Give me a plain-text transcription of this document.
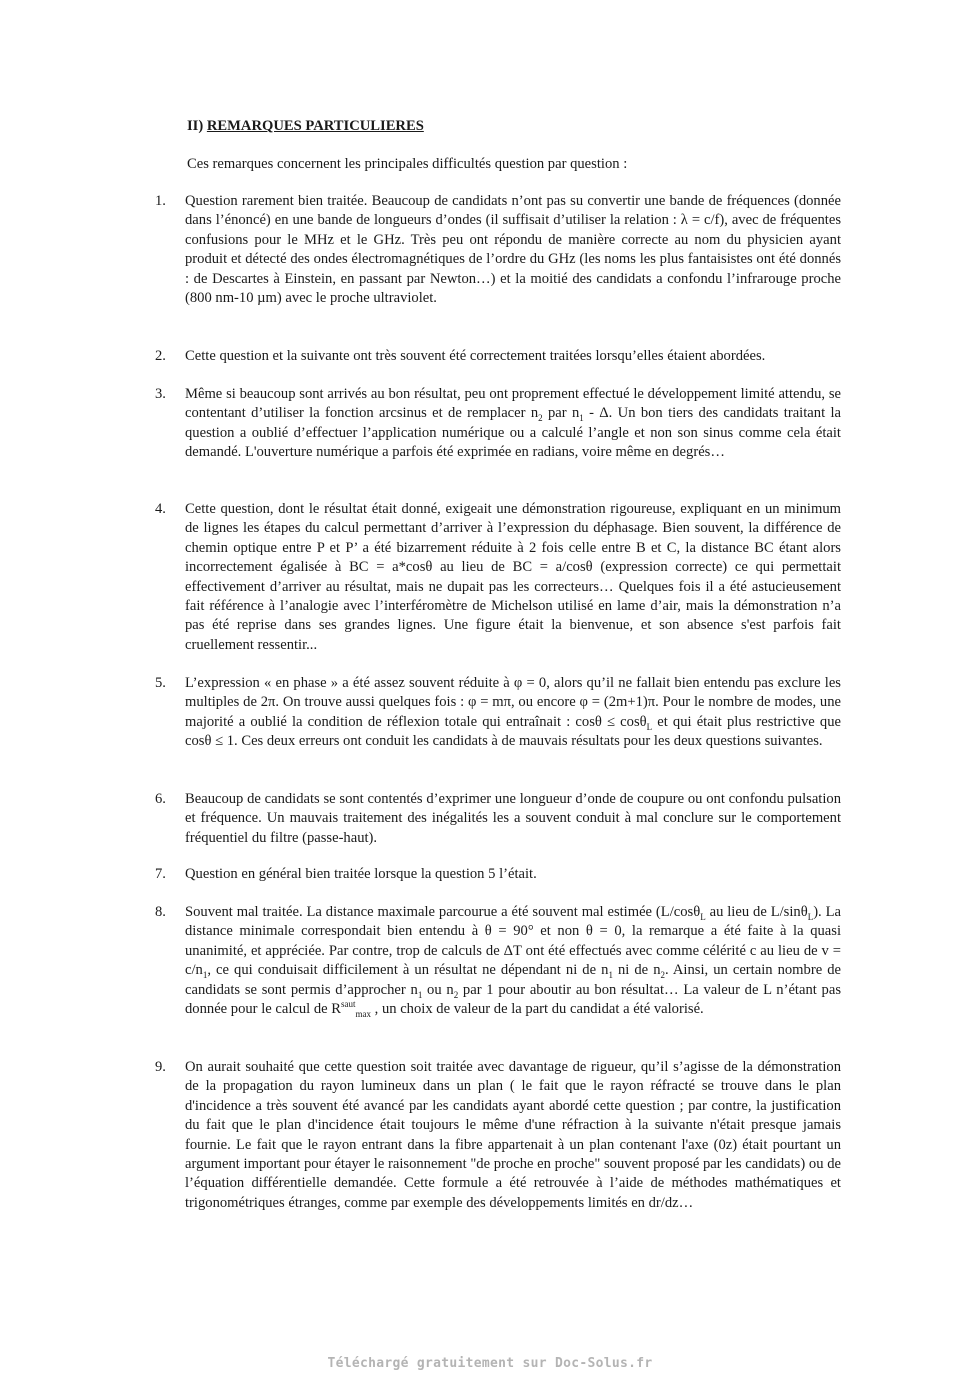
II) REMARQUES PARTICULIERES
Ces remarques concernent les principales difficultés question par question :
1.	Question rarement bien traitée. Beaucoup de candidats n’ont pas su convertir une bande de fréquences (donnée dans l’énoncé) en une bande de longueurs d’ondes (il suffisait d’utiliser la relation : λ = c/f), avec de fréquentes confusions pour le MHz et le GHz. Très peu ont répondu de manière correcte au nom du physicien ayant produit et détecté des ondes électromagnétiques de l’ordre du GHz (les noms les plus fantaisistes ont été donnés : de Descartes à Einstein, en passant par Newton…) et la moitié des candidats a confondu l’infrarouge proche (800 nm-10 µm) avec le proche ultraviolet.
2.	Cette question et la suivante ont très souvent été correctement traitées lorsqu’elles étaient abordées.
3.	Même si beaucoup sont arrivés au bon résultat, peu ont proprement effectué le développement limité attendu, se contentant d’utiliser la fonction arcsinus et de remplacer $n_2$ par $n_1$ - Δ. Un bon tiers des candidats traitant la question a oublié d’effectuer l’application numérique ou a calculé l’angle et non son sinus comme cela était demandé. L'ouverture numérique a parfois été exprimée en radians, voire même en degrés…
4.	Cette question, dont le résultat était donné, exigeait une démonstration rigoureuse, expliquant en un minimum de lignes les étapes du calcul permettant d’arriver à l’expression du déphasage. Bien souvent, la différence de chemin optique entre P et P’ a été bizarrement réduite à 2 fois celle entre B et C, la distance BC étant alors incorrectement égalisée à BC = a*cosθ au lieu de BC = a/cosθ (expression correcte) ce qui permettait effectivement d’arriver au résultat, mais ne dupait pas les correcteurs… Quelques fois il a été astucieusement fait référence à l’analogie avec l’interféromètre de Michelson utilisé en lame d’air, mais la démonstration n’a pas été reprise dans ses grandes lignes. Une figure était la bienvenue, et son absence s'est parfois fait cruellement ressentir...
5.	L’expression « en phase » a été assez souvent réduite à φ = 0, alors qu’il ne fallait bien entendu pas exclure les multiples de 2π. On trouve aussi quelques fois : φ = mπ, ou encore φ = (2m+1)π. Pour le nombre de modes, une majorité a oublié la condition de réflexion totale qui entraînait : cosθ ≤ cosθ$_L$ et qui était plus restrictive que cosθ ≤ 1. Ces deux erreurs ont conduit les candidats à de mauvais résultats pour les deux questions suivantes.
6.	Beaucoup de candidats se sont contentés d’exprimer une longueur d’onde de coupure ou ont confondu pulsation et fréquence. Un mauvais traitement des inégalités les a souvent conduit à mal conclure sur le comportement fréquentiel du filtre (passe-haut).
7.	Question en général bien traitée lorsque la question 5 l’était.
8.	Souvent mal traitée. La distance maximale parcourue a été souvent mal estimée (L/cosθ$_L$ au lieu de L/sinθ$_L$). La distance minimale correspondait bien entendu à θ = 90° et non θ = 0, la remarque a été faite à la quasi unanimité, et appréciée. Par contre, trop de calculs de ΔT ont été effectués avec comme célérité c au lieu de $v = c/n_1$, ce qui conduisait difficilement à un résultat ne dépendant ni de $n_1$ ni de $n_2$. Ainsi, un certain nombre de candidats se sont permis d’approcher $n_1$ ou $n_2$ par 1 pour aboutir au bon résultat… La valeur de L n’étant pas donnée pour le calcul de $R^{saut}_{max}$ , un choix de valeur de la part du candidat a été valorisé.
9.	On aurait souhaité que cette question soit traitée avec davantage de rigueur, qu’il s’agisse de la démonstration de la propagation du rayon lumineux dans un plan ( le fait que le rayon réfracté se trouve dans le plan d'incidence a très souvent été avancé par les candidats ayant abordé cette question ; par contre, la justification du fait que le plan d'incidence était toujours le même d'une réfraction à la suivante n'était presque jamais fournie. Le fait que le rayon entrant dans la fibre appartenait à un plan contenant l'axe (0z) était pourtant un argument important pour étayer le raisonnement "de proche en proche" souvent proposé par les candidats) ou de l’équation différentielle demandée. Cette formule a été retrouvée à l’aide de méthodes mathématiques et trigonométriques étranges, comme par exemple des développements limités en dr/dz…
Téléchargé gratuitement sur Doc-Solus.fr
